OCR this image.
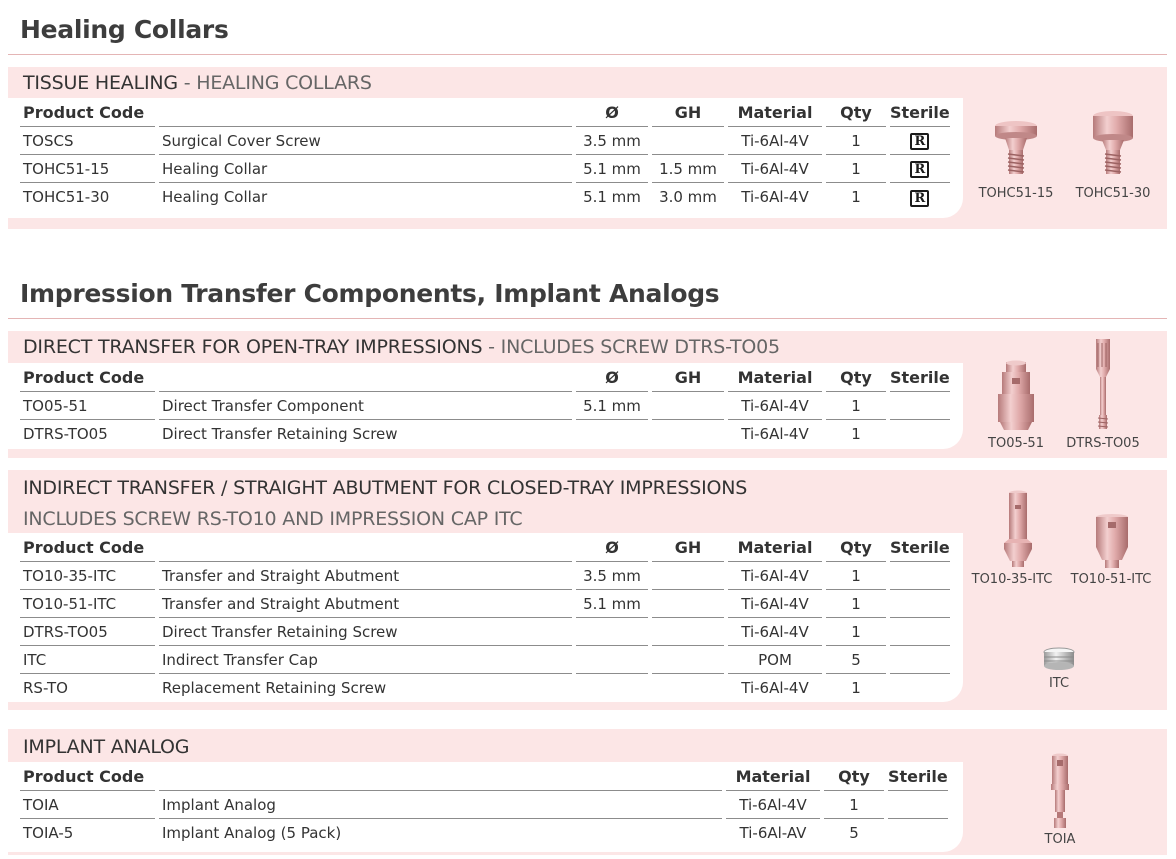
Healing Collars
TISSUE HEALING - HEALING COLLARS
Product Code				Ø		GH		Material		Qty		Sterile
TOSCS		Surgical Cover Screw		3.5 mm				Ti-6Al-4V		1		R
TOHC51-15		Healing Collar		5.1 mm		1.5 mm		Ti-6Al-4V		1		R
TOHC51-30		Healing Collar		5.1 mm		3.0 mm		Ti-6Al-4V		1		R	TOHC51-15 TOHC51-30
Impression Transfer Components, Implant Analogs
DIRECT TRANSFER FOR OPEN-TRAY IMPRESSIONS - INCLUDES SCREW DTRS-TO05
Product Code				Ø		GH		Material		Qty		Sterile
TO05-51		Direct Transfer Component		5.1 mm				Ti-6Al-4V		1		
DTRS-TO05		Direct Transfer Retaining Screw						Ti-6Al-4V		1		
TO05-51 DTRS-TO05
INDIRECT TRANSFER / STRAIGHT ABUTMENT FOR CLOSED-TRAY IMPRESSIONS
INCLUDES SCREW RS-TO10 AND IMPRESSION CAP ITC
Product Code				Ø		GH		Material		Qty		Sterile
TO10-35-ITC		Transfer and Straight Abutment		3.5 mm				Ti-6Al-4V		1		
TO10-51-ITC		Transfer and Straight Abutment		5.1 mm				Ti-6Al-4V		1		
DTRS-TO05		Direct Transfer Retaining Screw						Ti-6Al-4V		1		
ITC		Indirect Transfer Cap						POM		5		
RS-TO		Replacement Retaining Screw						Ti-6Al-4V		1		
TO10-35-ITC TO10-51-ITC
ITC
IMPLANT ANALOG
Product Code				Material		Qty		Sterile
TOIA		Implant Analog		Ti-6Al-4V		1		
TOIA-5		Implant Analog (5 Pack)		Ti-6Al-AV		5			TOIA
